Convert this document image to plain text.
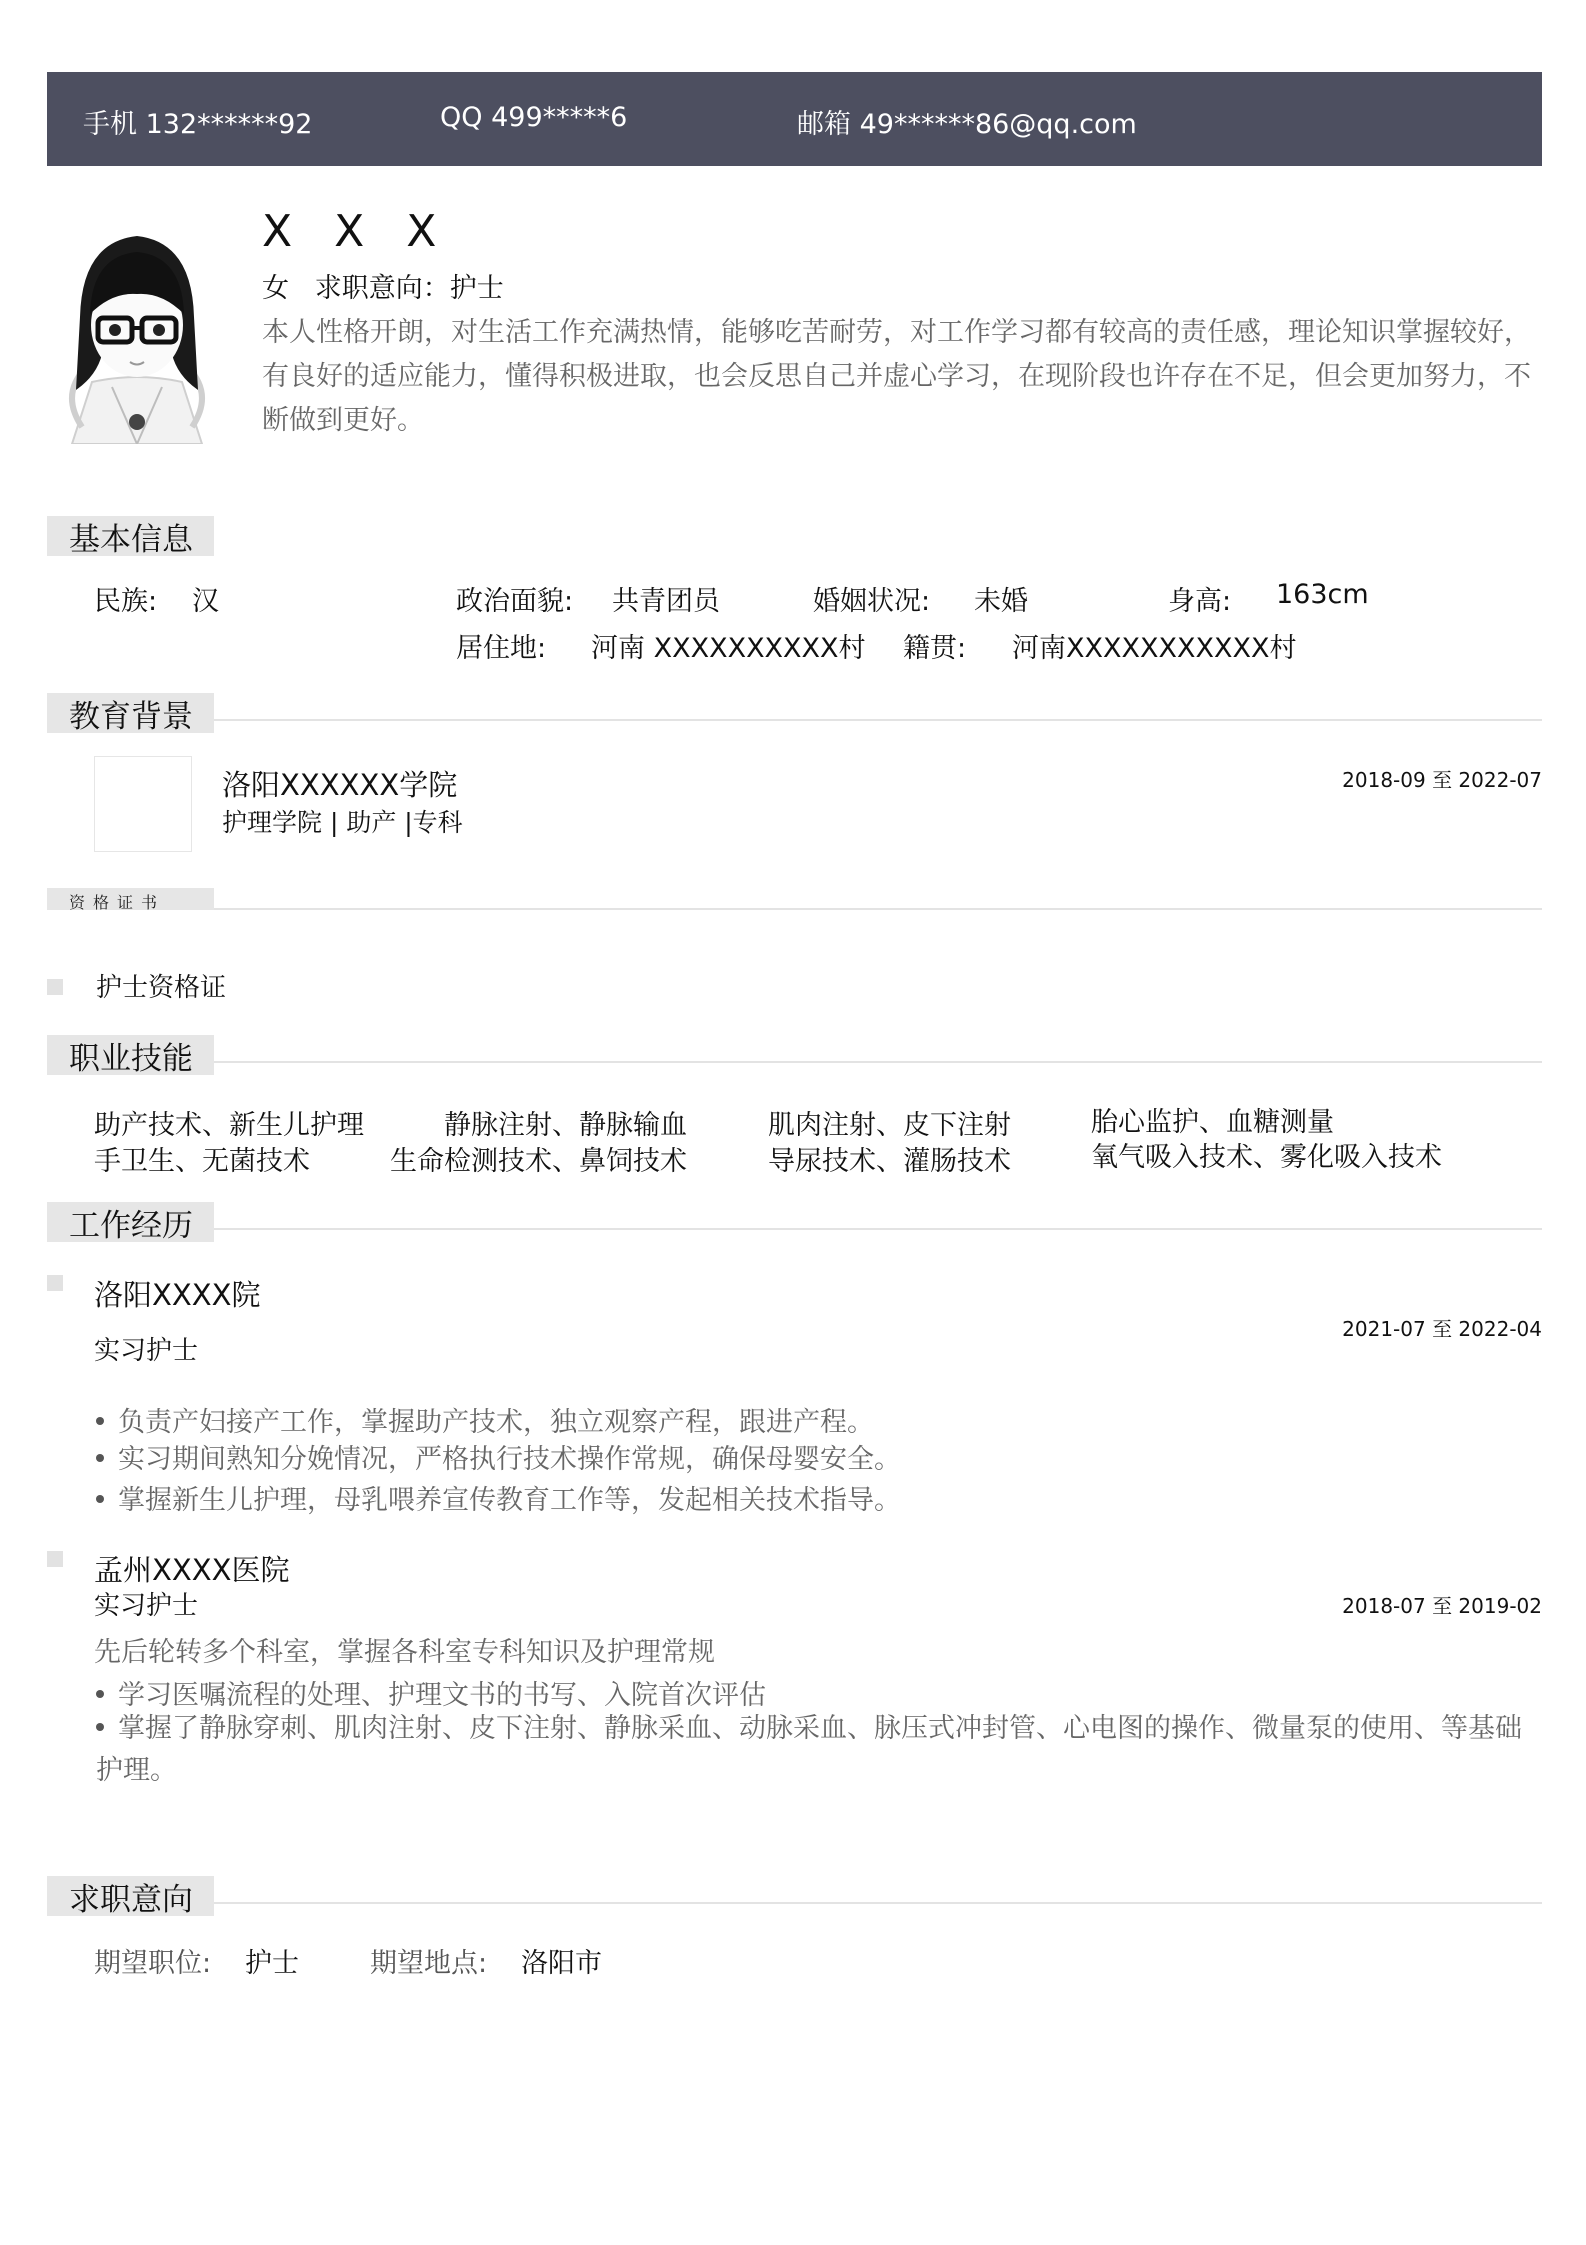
手机 132******92	QQ 499*****6	邮箱 49******86@qq.com
X X X
女 求职意向：护士
本人性格开朗，对生活工作充满热情，能够吃苦耐劳，对工作学习都有较高的责任感，理论知识掌握较好，有良好的适应能力，懂得积极进取，也会反思自己并虚心学习，在现阶段也许存在不足，但会更加努力，不断做到更好。
基本信息
民族: 汉	政治面貌: 共青团员	婚姻状况: 未婚	身高: 163cm
居住地: 河南 XXXXXXXXXX村 籍贯: 河南XXXXXXXXXXX村
教育背景
洛阳XXXXXX学院
护理学院 | 助产 |专科
2018-09 至 2022-07
资格证书
护士资格证
职业技能
助产技术、新生儿护理	静脉注射、静脉输血	肌肉注射、皮下注射	胎心监护、血糖测量
手卫生、无菌技术	生命检测技术、鼻饲技术	导尿技术、灌肠技术	氧气吸入技术、雾化吸入技术
工作经历
洛阳XXXX院
2021-07 至 2022-04
实习护士
负责产妇接产工作，掌握助产技术，独立观察产程，跟进产程。
实习期间熟知分娩情况，严格执行技术操作常规，确保母婴安全。
掌握新生儿护理，母乳喂养宣传教育工作等，发起相关技术指导。
孟州XXXX医院
实习护士	2018-07 至 2019-02
先后轮转多个科室，掌握各科室专科知识及护理常规
学习医嘱流程的处理、护理文书的书写、入院首次评估
掌握了静脉穿刺、肌肉注射、皮下注射、静脉采血、动脉采血、脉压式冲封管、心电图的操作、微量泵的使用、等基础护理。
求职意向
期望职位: 护士	期望地点: 洛阳市
